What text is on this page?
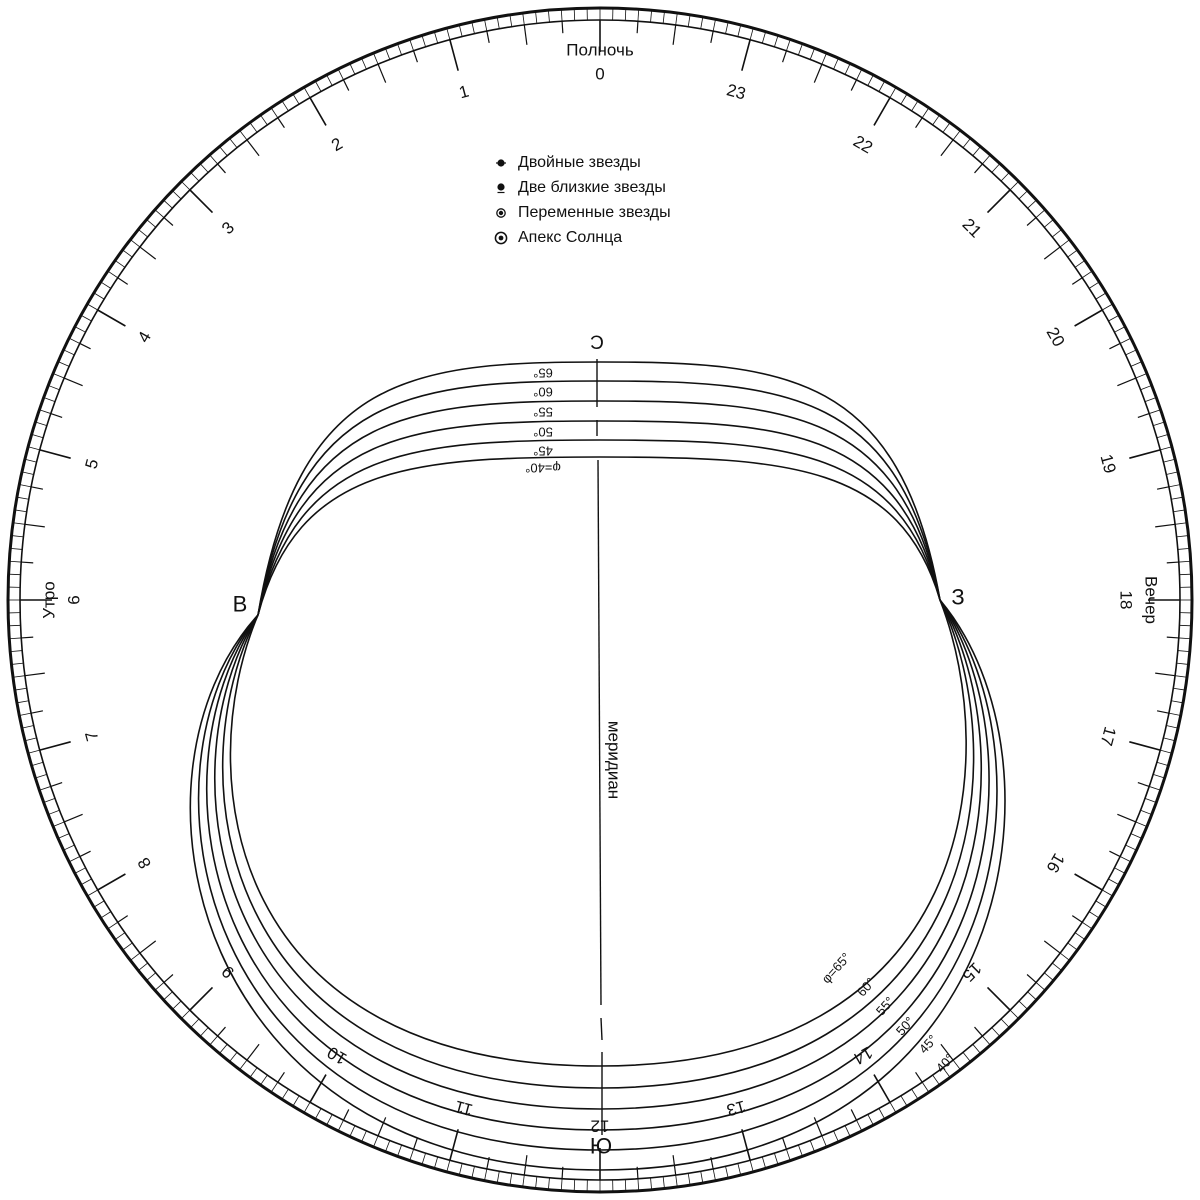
0
1
2
3
4
5
6
7
8
9
10
11
12
13
14
15
16
17
18
19
20
21
22
23
Полночь
Утро	Вечер
меридиан
С
Ю
В	З
φ=40°
45°
50°
55°
60°
65°
φ=65°
60°
55°
50°
45°
40°
Двойные звезды
Две близкие звезды
Переменные звезды
Апекс Солнца
